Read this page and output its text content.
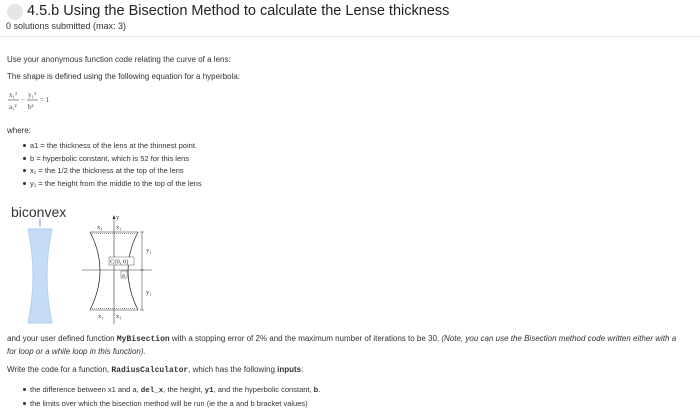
4.5.b Using the Bisection Method to calculate the Lense thickness
0 solutions submitted (max: 3)
Use your anonymous function code relating the curve of a lens:
The shape is defined using the following equation for a hyperbola:
x₁²
a₁²
−
y₁²
b²
= 1
where:
a1 = the thickness of the lens at the thinnest point.
b = hyperbolic constant, which is 52 for this lens
x₁ = the 1/2 the thickness at the top of the lens
y₁ = the height from the middle to the top of the lens
biconvex	y
x₁ x₁
C(0, 0)
a
y₁
y₁
x₁ x₁
and your user defined function MyBisection with a stopping error of 2% and the maximum number of iterations to be 30. (Note, you can use the Bisection method code written either with a for loop or a while loop in this function).
Write the code for a function, RadiusCalculator, which has the following inputs:
the difference between x1 and a, del_x, the height, y1, and the hyperbolic constant, b.
the limits over which the bisection method will be run (ie the a and b bracket values)
